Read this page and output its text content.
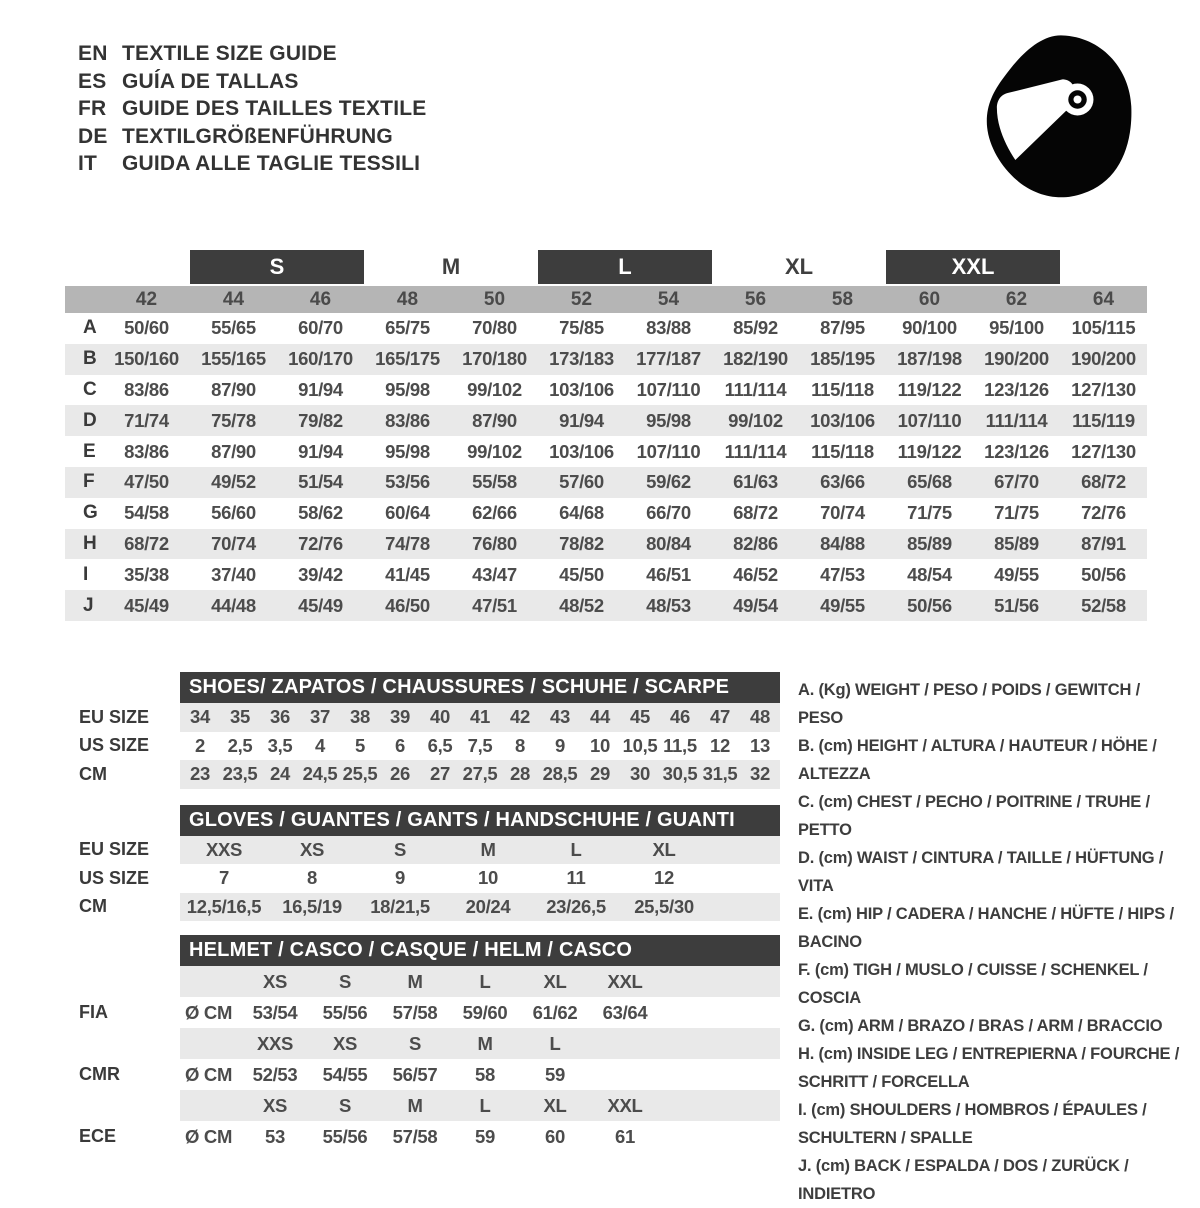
EN TEXTILE SIZE GUIDE
ES GUÍA DE TALLAS
FR GUIDE DES TAILLES TEXTILE
DE TEXTILGRÖßENFÜHRUNG
IT	GUIDA ALLE TAGLIE TESSILI
S	M	L	XL	XXL
42	44	46	48	50	52	54	56	58	60	62	64
A	50/60	55/65	60/70	65/75	70/80	75/85	83/88	85/92	87/95	90/100	95/100	105/115
B 150/160	155/165	160/170	165/175	170/180	173/183	177/187	182/190	185/195	187/198	190/200	190/200
C	83/86	87/90	91/94	95/98	99/102	103/106	107/110	111/114	115/118	119/122	123/126	127/130
D	71/74	75/78	79/82	83/86	87/90	91/94	95/98	99/102	103/106	107/110	111/114	115/119
E	83/86	87/90	91/94	95/98	99/102	103/106	107/110	111/114	115/118	119/122	123/126	127/130
F	47/50	49/52	51/54	53/56	55/58	57/60	59/62	61/63	63/66	65/68	67/70	68/72
G	54/58	56/60	58/62	60/64	62/66	64/68	66/70	68/72	70/74	71/75	71/75	72/76
H	68/72	70/74	72/76	74/78	76/80	78/82	80/84	82/86	84/88	85/89	85/89	87/91
I	35/38	37/40	39/42	41/45	43/47	45/50	46/51	46/52	47/53	48/54	49/55	50/56
J	45/49	44/48	45/49	46/50	47/51	48/52	48/53	49/54	49/55	50/56	51/56	52/58
SHOES/ ZAPATOS / CHAUSSURES / SCHUHE / SCARPE
EU SIZE	34	35	36	37	38	39	40	41	42	43	44	45	46	47	48
US SIZE	2	2,5 3,5	4	5	6	6,5 7,5	8	9	10 10,5 11,5 12	13
CM	23 23,5 24 24,5 25,5 26	27 27,5 28 28,5 29	30 30,5 31,5 32
GLOVES / GUANTES / GANTS / HANDSCHUHE / GUANTI
EU SIZE	XXS	XS	S	M	L	XL
US SIZE	7	8	9	10	11	12
CM	12,5/16,5	16,5/19	18/21,5	20/24	23/26,5	25,5/30
HELMET / CASCO / CASQUE / HELM / CASCO
XS	S	M	L	XL	XXL
FIA	Ø CM	53/54	55/56	57/58	59/60	61/62	63/64
XXS	XS	S	M	L
CMR	Ø CM	52/53	54/55	56/57	58	59
XS	S	M	L	XL	XXL
ECE	Ø CM	53	55/56	57/58	59	60	61
A. (Kg) WEIGHT / PESO / POIDS / GEWITCH / PESO
B. (cm) HEIGHT / ALTURA / HAUTEUR / HÖHE / ALTEZZA
C. (cm) CHEST / PECHO / POITRINE / TRUHE / PETTO
D. (cm) WAIST / CINTURA / TAILLE / HÜFTUNG / VITA
E. (cm) HIP / CADERA / HANCHE / HÜFTE / HIPS / BACINO
F. (cm) TIGH / MUSLO / CUISSE / SCHENKEL / COSCIA
G. (cm) ARM / BRAZO / BRAS / ARM / BRACCIO
H. (cm) INSIDE LEG / ENTREPIERNA / FOURCHE / SCHRITT / FORCELLA
I. (cm) SHOULDERS / HOMBROS / ÉPAULES / SCHULTERN / SPALLE
J. (cm) BACK / ESPALDA / DOS / ZURÜCK / INDIETRO
